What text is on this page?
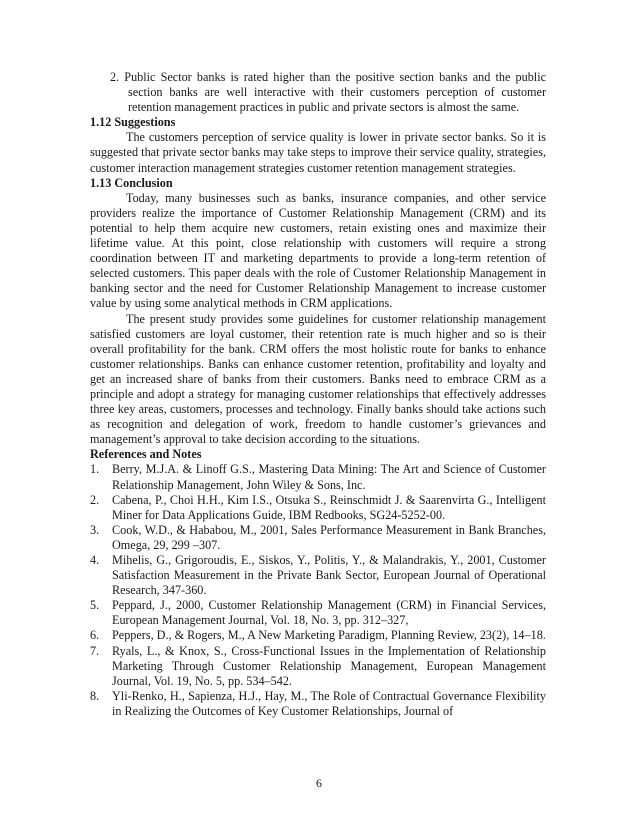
2. Public Sector banks is rated higher than the positive section banks and the public section banks are well interactive with their customers perception of customer retention management practices in public and private sectors is almost the same.

1.12 Suggestions

The customers perception of service quality is lower in private sector banks. So it is suggested that private sector banks may take steps to improve their service quality, strategies, customer interaction management strategies customer retention management strategies.

1.13 Conclusion

Today, many businesses such as banks, insurance companies, and other service providers realize the importance of Customer Relationship Management (CRM) and its potential to help them acquire new customers, retain existing ones and maximize their lifetime value. At this point, close relationship with customers will require a strong coordination between IT and marketing departments to provide a long-term retention of selected customers. This paper deals with the role of Customer Relationship Management in banking sector and the need for Customer Relationship Management to increase customer value by using some analytical methods in CRM applications.

The present study provides some guidelines for customer relationship management satisfied customers are loyal customer, their retention rate is much higher and so is their overall profitability for the bank. CRM offers the most holistic route for banks to enhance customer relationships. Banks can enhance customer retention, profitability and loyalty and get an increased share of banks from their customers. Banks need to embrace CRM as a principle and adopt a strategy for managing customer relationships that effectively addresses three key areas, customers, processes and technology. Finally banks should take actions such as recognition and delegation of work, freedom to handle customer’s grievances and management’s approval to take decision according to the situations.

References and Notes

1. Berry, M.J.A. & Linoff G.S., Mastering Data Mining: The Art and Science of Customer Relationship Management, John Wiley & Sons, Inc.
2. Cabena, P., Choi H.H., Kim I.S., Otsuka S., Reinschmidt J. & Saarenvirta G., Intelligent Miner for Data Applications Guide, IBM Redbooks, SG24-5252-00.
3. Cook, W.D., & Hababou, M., 2001, Sales Performance Measurement in Bank Branches, Omega, 29, 299 –307.
4. Mihelis, G., Grigoroudis, E., Siskos, Y., Politis, Y., & Malandrakis, Y., 2001, Customer Satisfaction Measurement in the Private Bank Sector, European Journal of Operational Research, 347-360.
5. Peppard, J., 2000, Customer Relationship Management (CRM) in Financial Services, European Management Journal, Vol. 18, No. 3, pp. 312–327,
6. Peppers, D., & Rogers, M., A New Marketing Paradigm, Planning Review, 23(2), 14–18.
7. Ryals, L., & Knox, S., Cross-Functional Issues in the Implementation of Relationship Marketing Through Customer Relationship Management, European Management Journal, Vol. 19, No. 5, pp. 534–542.
8. Yli-Renko, H., Sapienza, H.J., Hay, M., The Role of Contractual Governance Flexibility in Realizing the Outcomes of Key Customer Relationships, Journal of
6
